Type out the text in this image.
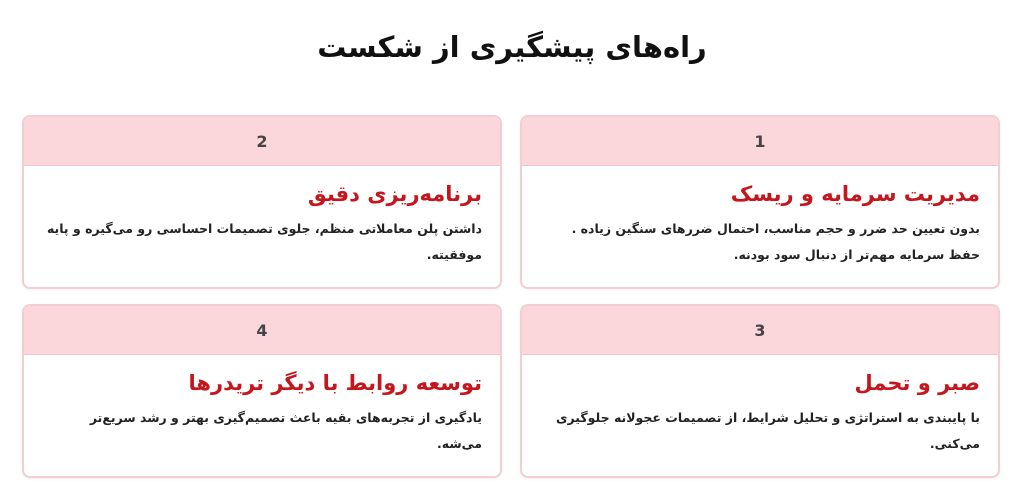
راه‌های پیشگیری از شکست
1
مدیریت سرمایه و ریسک
بدون تعیین حد ضرر و حجم مناسب، احتمال ضررهای سنگین زیاده . حفظ سرمایه مهم‌تر از دنبال سود بودنه.
2
برنامه‌ریزی دقیق
داشتن پلن معاملاتی منظم، جلوی تصمیمات احساسی رو می‌گیره و پایه موفقیته.
3
صبر و تحمل
با پایبندی به استراتژی و تحلیل شرایط، از تصمیمات عجولانه جلوگیری می‌کنی.
4
توسعه روابط با دیگر تریدرها
یادگیری از تجربه‌های بقیه باعث تصمیم‌گیری بهتر و رشد سریع‌تر می‌شه.
